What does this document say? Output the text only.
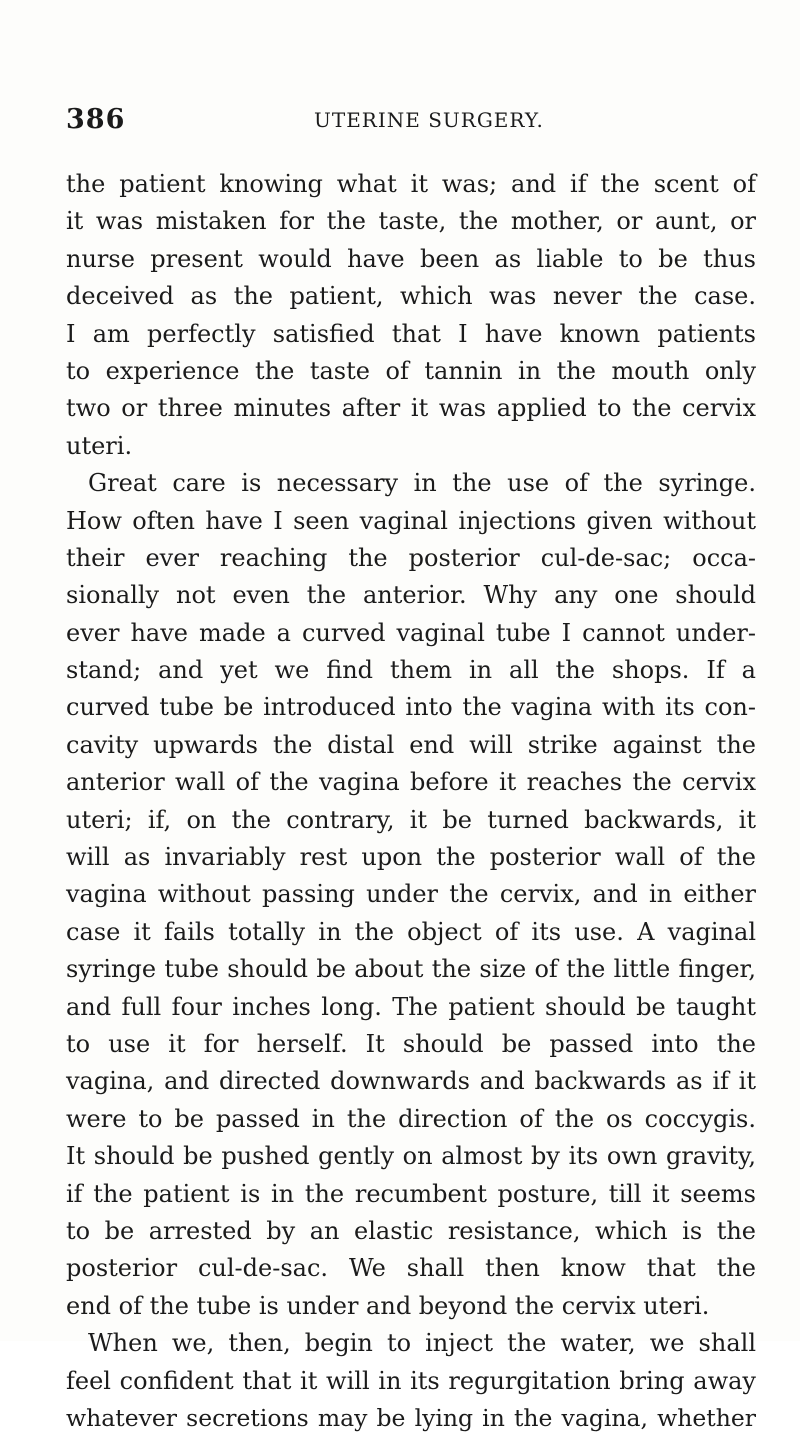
386	UTERINE SURGERY.
the patient knowing what it was; and if the scent of
it was mistaken for the taste, the mother, or aunt, or
nurse present would have been as liable to be thus
deceived as the patient, which was never the case.
I am perfectly satisfied that I have known patients
to experience the taste of tannin in the mouth only
two or three minutes after it was applied to the cervix
uteri.
Great care is necessary in the use of the syringe.
How often have I seen vaginal injections given without
their ever reaching the posterior cul-de-sac; occa-
sionally not even the anterior. Why any one should
ever have made a curved vaginal tube I cannot under-
stand; and yet we find them in all the shops. If a
curved tube be introduced into the vagina with its con-
cavity upwards the distal end will strike against the
anterior wall of the vagina before it reaches the cervix
uteri; if, on the contrary, it be turned backwards, it
will as invariably rest upon the posterior wall of the
vagina without passing under the cervix, and in either
case it fails totally in the object of its use. A vaginal
syringe tube should be about the size of the little finger,
and full four inches long. The patient should be taught
to use it for herself. It should be passed into the
vagina, and directed downwards and backwards as if it
were to be passed in the direction of the os coccygis.
It should be pushed gently on almost by its own gravity,
if the patient is in the recumbent posture, till it seems
to be arrested by an elastic resistance, which is the
posterior cul-de-sac. We shall then know that the
end of the tube is under and beyond the cervix uteri.
When we, then, begin to inject the water, we shall
feel confident that it will in its regurgitation bring away
whatever secretions may be lying in the vagina, whether
